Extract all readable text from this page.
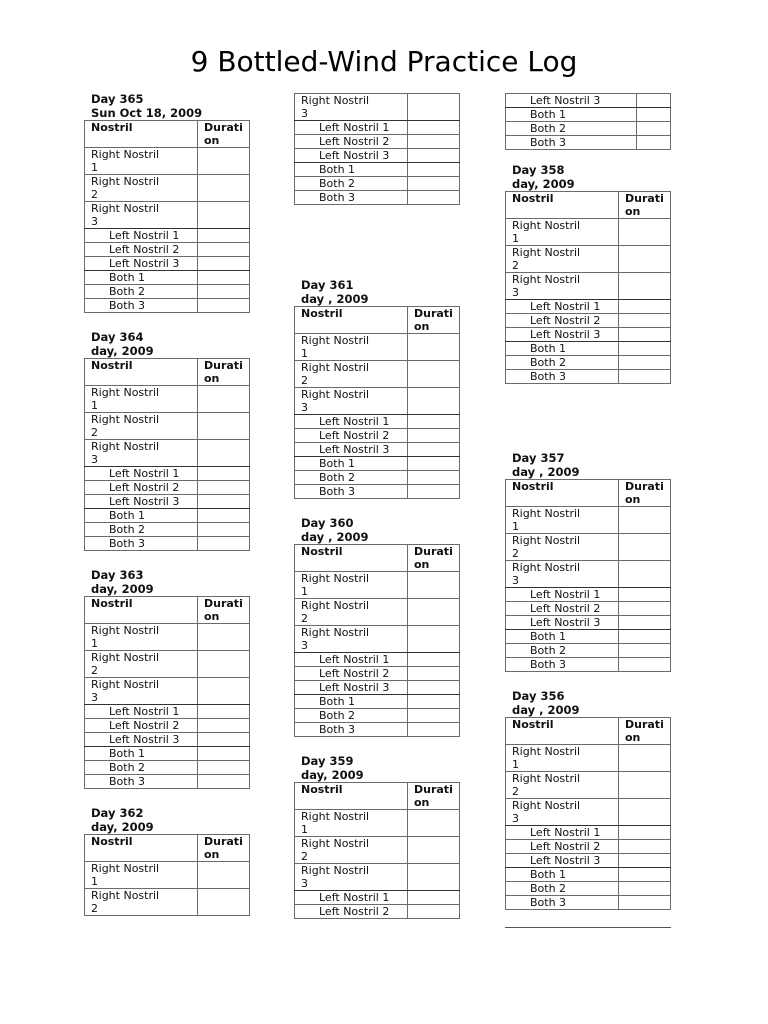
9 Bottled-Wind Practice Log
Day 365
Sun Oct 18, 2009
Nostril	Durati
on
Right Nostril
1	
Right Nostril
2	
Right Nostril
3	
Left Nostril 1	
Left Nostril 2	
Left Nostril 3	
Both 1	
Both 2	
Both 3	
Day 364
day, 2009
Nostril	Durati
on
Right Nostril
1	
Right Nostril
2	
Right Nostril
3	
Left Nostril 1	
Left Nostril 2	
Left Nostril 3	
Both 1	
Both 2	
Both 3	
Day 363
day, 2009
Nostril	Durati
on
Right Nostril
1	
Right Nostril
2	
Right Nostril
3	
Left Nostril 1	
Left Nostril 2	
Left Nostril 3	
Both 1	
Both 2	
Both 3	
Day 362
day, 2009
Nostril	Durati
on
Right Nostril
1	
Right Nostril
2	
Right Nostril
3	
Left Nostril 1	
Left Nostril 2	
Left Nostril 3	
Both 1	
Both 2	
Both 3	
Day 361
day , 2009
Nostril	Durati
on
Right Nostril
1	
Right Nostril
2	
Right Nostril
3	
Left Nostril 1	
Left Nostril 2	
Left Nostril 3	
Both 1	
Both 2	
Both 3	
Day 360
day , 2009
Nostril	Durati
on
Right Nostril
1	
Right Nostril
2	
Right Nostril
3	
Left Nostril 1	
Left Nostril 2	
Left Nostril 3	
Both 1	
Both 2	
Both 3	
Day 359
day, 2009
Nostril	Durati
on
Right Nostril
1	
Right Nostril
2	
Right Nostril
3	
Left Nostril 1	
Left Nostril 2	
Left Nostril 3	
Both 1	
Both 2	
Both 3	
Day 358
day, 2009
Nostril	Durati
on
Right Nostril
1	
Right Nostril
2	
Right Nostril
3	
Left Nostril 1	
Left Nostril 2	
Left Nostril 3	
Both 1	
Both 2	
Both 3	
Day 357
day , 2009
Nostril	Durati
on
Right Nostril
1	
Right Nostril
2	
Right Nostril
3	
Left Nostril 1	
Left Nostril 2	
Left Nostril 3	
Both 1	
Both 2	
Both 3	
Day 356
day , 2009
Nostril	Durati
on
Right Nostril
1	
Right Nostril
2	
Right Nostril
3	
Left Nostril 1	
Left Nostril 2	
Left Nostril 3	
Both 1	
Both 2	
Both 3	
